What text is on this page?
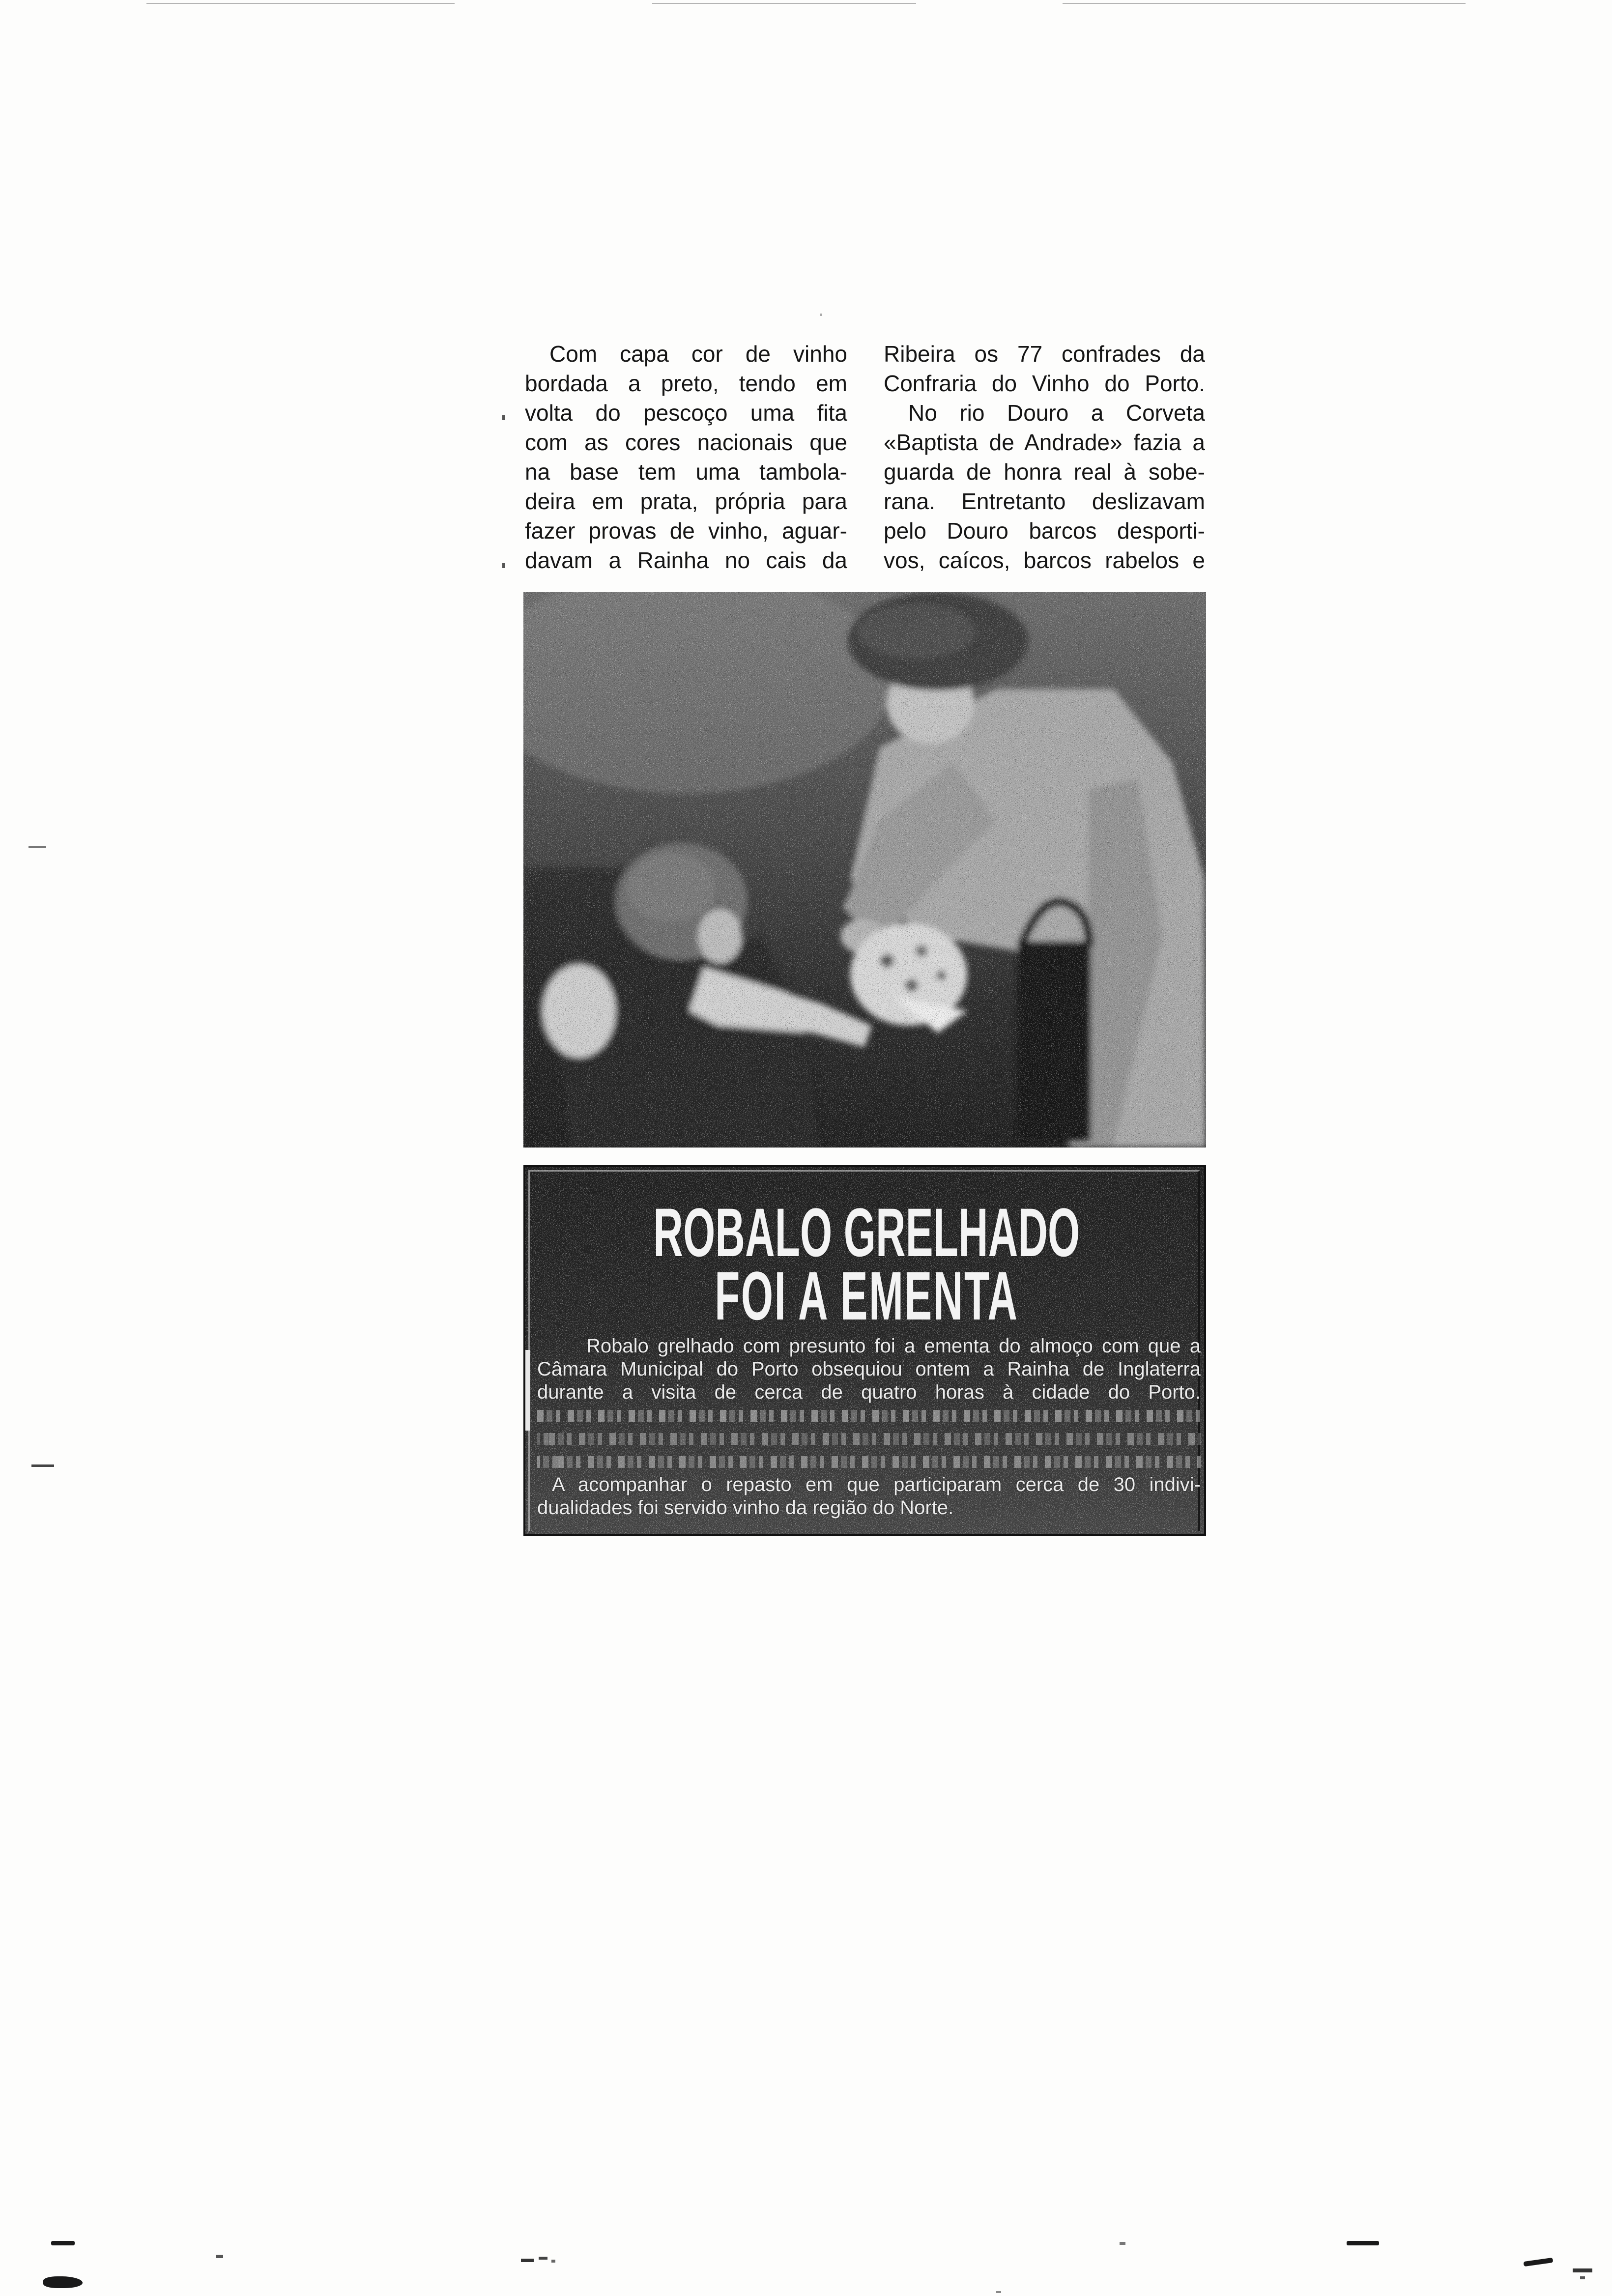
Com capa cor de vinho
bordada a preto, tendo em
volta do pescoço uma fita
com as cores nacionais que
na base tem uma tambola-
deira em prata, própria para
fazer provas de vinho, aguar-
davam a Rainha no cais da
Ribeira os 77 confrades da
Confraria do Vinho do Porto.
No rio Douro a Corveta
«Baptista de Andrade» fazia a
guarda de honra real à sobe-
rana. Entretanto deslizavam
pelo Douro barcos desporti-
vos, caícos, barcos rabelos e
ROBALO GRELHADO
FOI A EMENTA
Robalo grelhado com presunto foi a ementa do almoço com que a
Câmara Municipal do Porto obsequiou ontem a Rainha de Inglaterra
durante a visita de cerca de quatro horas à cidade do Porto.
A acompanhar o repasto em que participaram cerca de 30 indivi-
dualidades foi servido vinho da região do Norte.
